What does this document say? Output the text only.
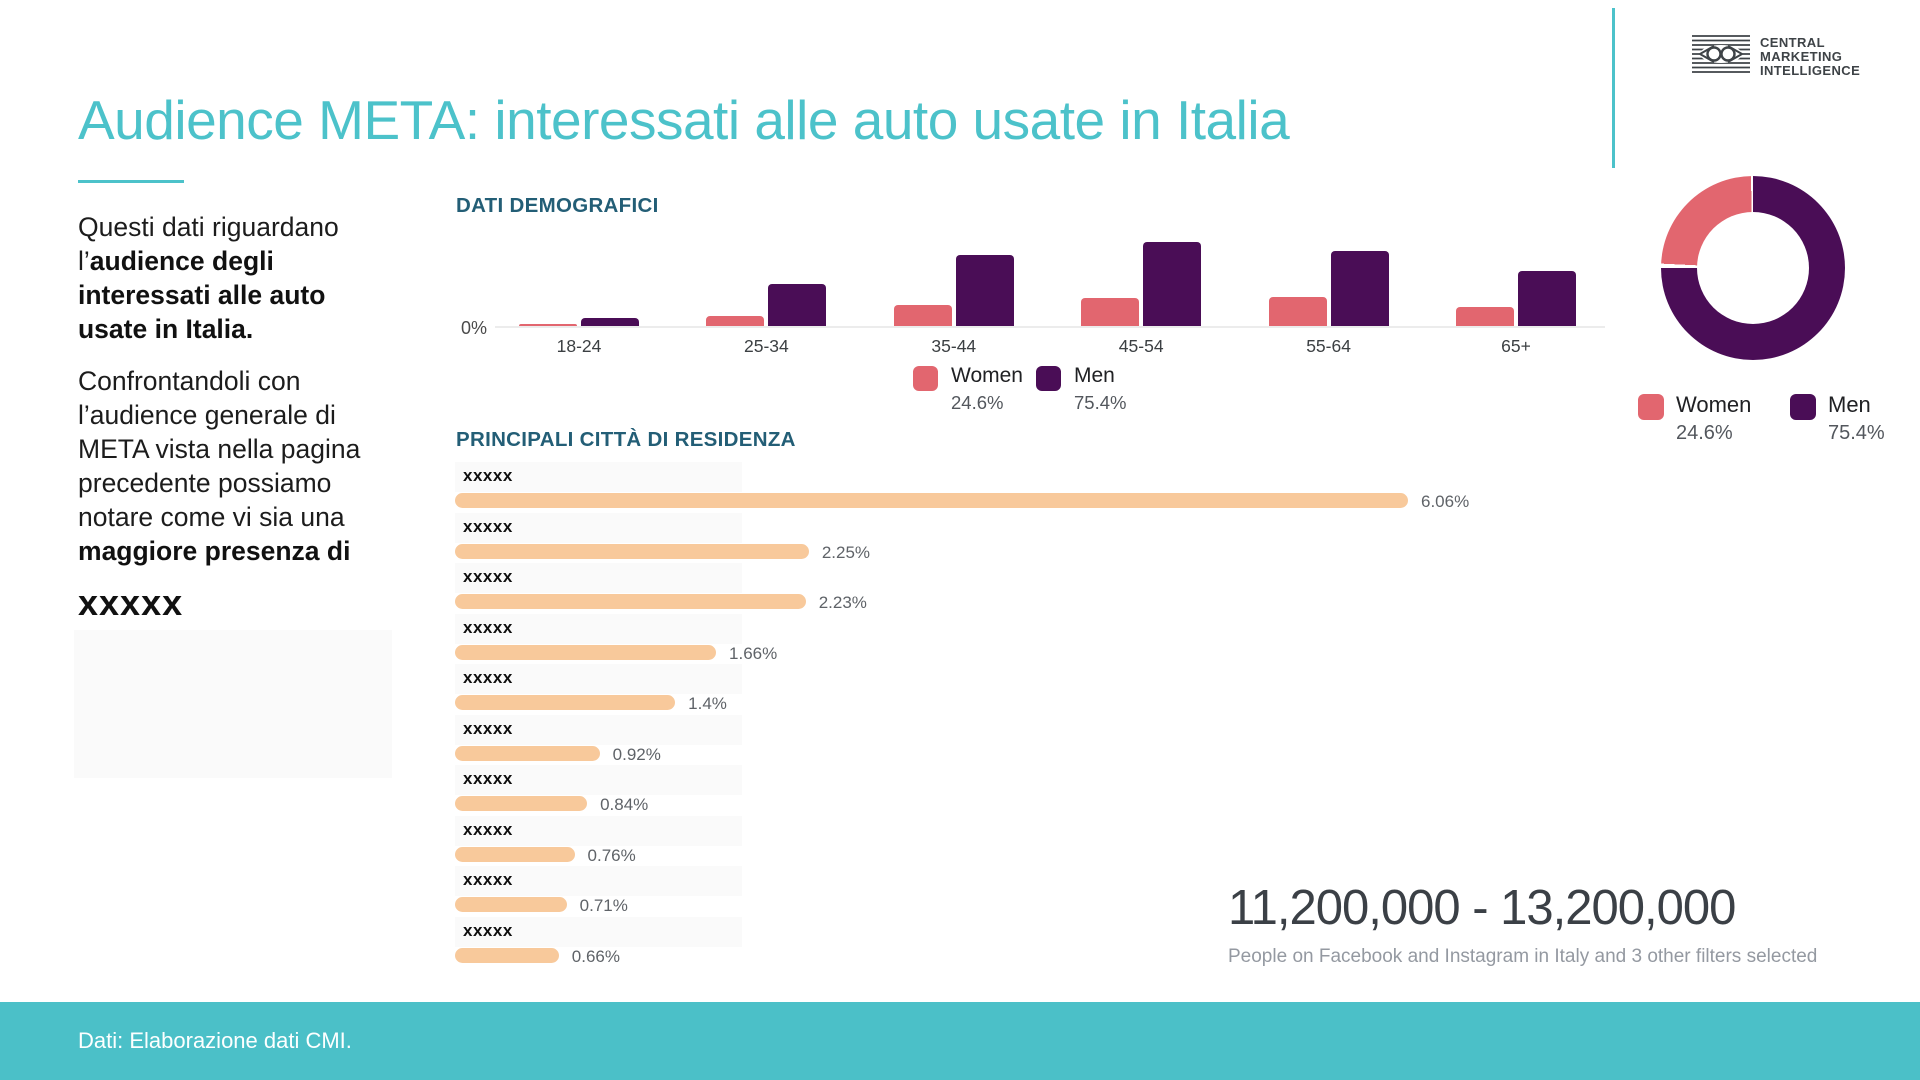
Audience META: interessati alle auto usate in Italia

Questi dati riguardano l’audience degli interessati alle auto usate in Italia.

Confrontandoli con l’audience generale di META vista nella pagina precedente possiamo notare come vi sia una maggiore presenza di

xxxxx
DATI DEMOGRAFICI
0%
18-24	25-34	35-44	45-54	55-64	65+
Women
24.6%
Men
75.4%
PRINCIPALI CITTÀ DI RESIDENZA
xxxxx
6.06%
xxxxx
2.25%
xxxxx
2.23%
xxxxx
1.66%
xxxxx
1.4%
xxxxx
0.92%
xxxxx
0.84%
xxxxx
0.76%
xxxxx
0.71%
xxxxx
0.66%
Women
24.6%
Men
75.4%
11,200,000 - 13,200,000
People on Facebook and Instagram in Italy and 3 other filters selected
CENTRAL
MARKETING
INTELLIGENCE
Dati: Elaborazione dati CMI.
